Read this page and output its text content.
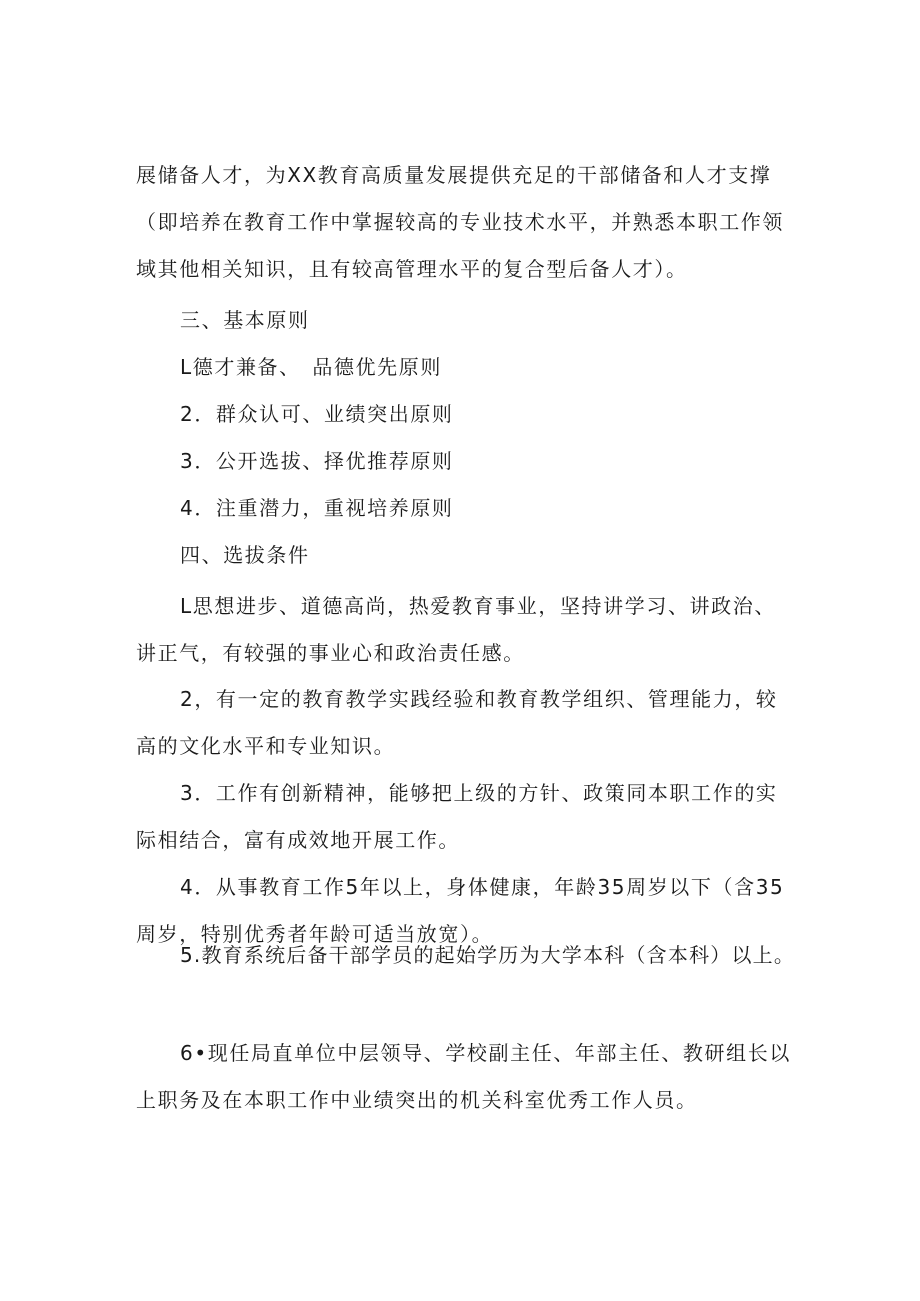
展储备人才，为XX教育高质量发展提供充足的干部储备和人才支撑
（即培养在教育工作中掌握较高的专业技术水平，并熟悉本职工作领
域其他相关知识，且有较高管理水平的复合型后备人才）。
三、基本原则
L德才兼备、　品德优先原则
2．群众认可、业绩突出原则
3．公开选拔、择优推荐原则
4．注重潜力，重视培养原则
四、选拔条件
L思想进步、道德高尚，热爱教育事业，坚持讲学习、讲政治、
讲正气，有较强的事业心和政治责任感。
2，有一定的教育教学实践经验和教育教学组织、管理能力，较
高的文化水平和专业知识。
3．工作有创新精神，能够把上级的方针、政策同本职工作的实
际相结合，富有成效地开展工作。
4．从事教育工作5年以上，身体健康，年龄35周岁以下（含35
周岁，特别优秀者年龄可适当放宽）。
5.教育系统后备干部学员的起始学历为大学本科（含本科）以上。
6•现任局直单位中层领导、学校副主任、年部主任、教研组长以
上职务及在本职工作中业绩突出的机关科室优秀工作人员。
